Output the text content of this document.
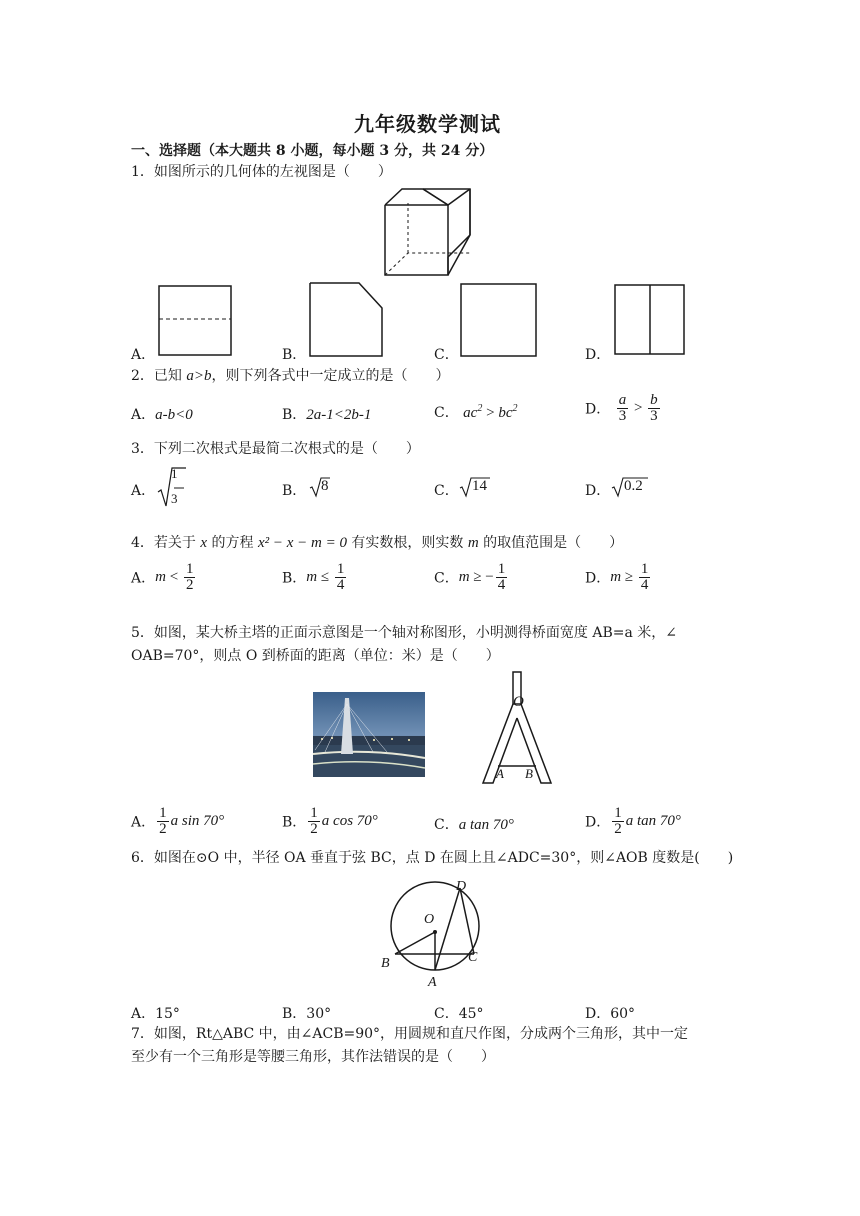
九年级数学测试
一、选择题（本大题共 8 小题，每小题 3 分，共 24 分）
1．如图所示的几何体的左视图是（　　）
A．	B．	C．	D．
2．已知 a>b，则下列各式中一定成立的是（　　）
A．a-b<0	B．2a-1<2b-1	C． $ac^2 > bc^2$	D． $\frac{a}{3} > \frac{b}{3}$
3．下列二次根式是最简二次根式的是（　　）
A．
1
3	B． 8	C． 14	D． 0.2
4．若关于 x 的方程 x² − x − m = 0 有实数根，则实数 m 的取值范围是（　　）
A．$m < \frac{1}{2}$	B．$m \le \frac{1}{4}$	C．m ≥ − $\frac{1}{4}$	D．$m \ge \frac{1}{4}$
5．如图，某大桥主塔的正面示意图是一个轴对称图形，小明测得桥面宽度 AB=a 米，∠
OAB=70°，则点 O 到桥面的距离（单位：米）是（　　）
O
A B
A． $\frac{1}{2}$ a sin 70°	B． $\frac{1}{2}$ a cos 70°	C．a tan 70°	D． $\frac{1}{2}$ a tan 70°
6．如图在⊙O 中，半径 OA 垂直于弦 BC，点 D 在圆上且∠ADC=30°，则∠AOB 度数是(　　)
O
B	C
D
A
A．15°	B．30°	C．45°	D．60°
7．如图，Rt△ABC 中，由∠ACB=90°，用圆规和直尺作图，分成两个三角形，其中一定
至少有一个三角形是等腰三角形，其作法错误的是（　　）
